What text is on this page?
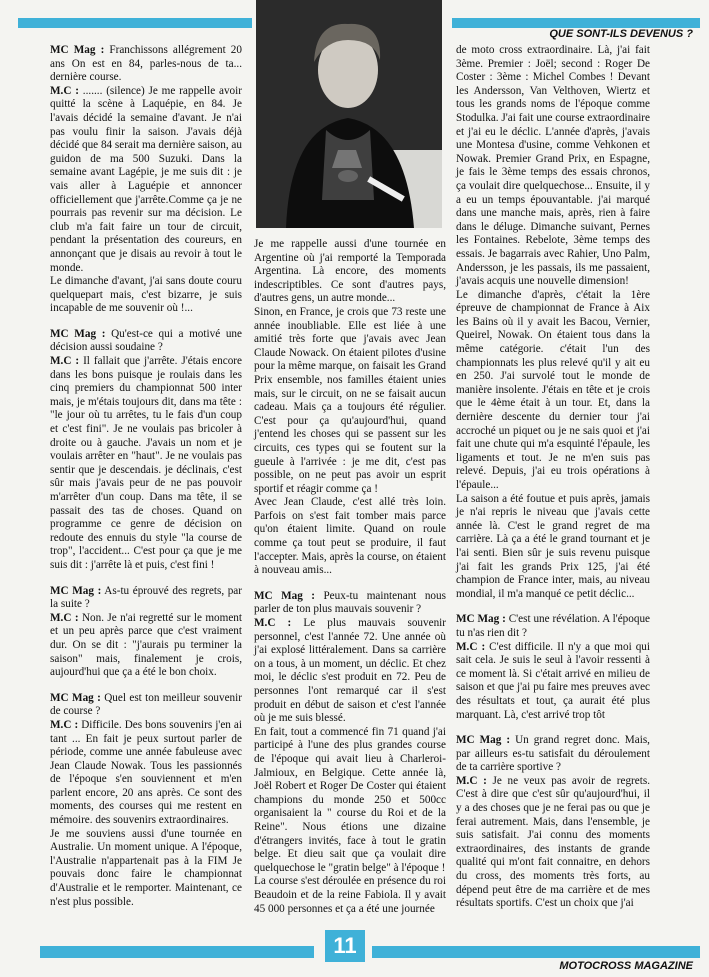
QUE SONT-ILS DEVENUS ?

MC Mag : Franchissons allégrement 20 ans On est en 84, parles-nous de ta... dernière course.

M.C : ....... (silence) Je me rappelle avoir quitté la scène à Laquépie, en 84. Je l'avais décidé la semaine d'avant. Je n'ai pas voulu finir la saison. J'avais déjà décidé que 84 serait ma dernière saison, au guidon de ma 500 Suzuki. Dans la semaine avant Lagépie, je me suis dit : je vais aller à Laguépie et annoncer officiellement que j'arrête.Comme ça je ne pourrais pas revenir sur ma décision. Le club m'a fait faire un tour de circuit, pendant la présentation des coureurs, en annonçant que je disais au revoir à tout le monde.

Le dimanche d'avant, j'ai sans doute couru quelquepart mais, c'est bizarre, je suis incapable de me souvenir où !...

MC Mag : Qu'est-ce qui a motivé une décision aussi soudaine ?

M.C : Il fallait que j'arrête. J'étais encore dans les bons puisque je roulais dans les cinq premiers du championnat 500 inter mais, je m'étais toujours dit, dans ma tête : "le jour où tu arrêtes, tu le fais d'un coup et c'est fini". Je ne voulais pas bricoler à droite ou à gauche. J'avais un nom et je voulais arrêter en "haut". Je ne voulais pas sentir que je descendais. je déclinais, c'est sûr mais j'avais peur de ne pas pouvoir m'arrêter d'un coup. Dans ma tête, il se passait des tas de choses. Quand on programme ce genre de décision on redoute des ennuis du style "la course de trop", l'accident... C'est pour ça que je me suis dit : j'arrête là et puis, c'est fini !

MC Mag : As-tu éprouvé des regrets, par la suite ?

M.C : Non. Je n'ai regretté sur le moment et un peu après parce que c'est vraiment dur. On se dit : "j'aurais pu terminer la saison" mais, finalement je crois, aujourd'hui que ça a été le bon choix.

MC Mag : Quel est ton meilleur souvenir de course ?

M.C : Difficile. Des bons souvenirs j'en ai tant ... En fait je peux surtout parler de période, comme une année fabuleuse avec Jean Claude Nowak. Tous les passionnés de l'époque s'en souviennent et m'en parlent encore, 20 ans après. Ce sont des moments, des courses qui me restent en mémoire. des souvenirs extraordinaires.

Je me souviens aussi d'une tournée en Australie. Un moment unique. A l'époque, l'Australie n'appartenait pas à la FIM Je pouvais donc faire le championnat d'Australie et le remporter. Maintenant, ce n'est plus possible.

Je me rappelle aussi d'une tournée en Argentine où j'ai remporté la Temporada Argentina. Là encore, des moments indescriptibles. Ce sont d'autres pays, d'autres gens, un autre monde...

Sinon, en France, je crois que 73 reste une année inoubliable. Elle est liée à une amitié très forte que j'avais avec Jean Claude Nowack. On étaient pilotes d'usine pour la même marque, on faisait les Grand Prix ensemble, nos familles étaient unies mais, sur le circuit, on ne se faisait aucun cadeau. Mais ça a toujours été régulier. C'est pour ça qu'aujourd'hui, quand j'entend les choses qui se passent sur les circuits, ces types qui se foutent sur la gueule à l'arrivée : je me dit, c'est pas possible, on ne peut pas avoir un esprit sportif et réagir comme ça !

Avec Jean Claude, c'est allé très loin. Parfois on s'est fait tomber mais parce qu'on étaient limite. Quand on roule comme ça tout peut se produire, il faut l'accepter. Mais, après la course, on étaient à nouveau amis...

MC Mag : Peux-tu maintenant nous parler de ton plus mauvais souvenir ?

M.C : Le plus mauvais souvenir personnel, c'est l'année 72. Une année où j'ai explosé littéralement. Dans sa carrière on a tous, à un moment, un déclic. Et chez moi, le déclic s'est produit en 72. Peu de personnes l'ont remarqué car il s'est produit en début de saison et c'est l'année où je me suis blessé.

En fait, tout a commencé fin 71 quand j'ai participé à l'une des plus grandes course de l'époque qui avait lieu à Charleroi-Jalmioux, en Belgique. Cette année là, Joël Robert et Roger De Coster qui étaient champions du monde 250 et 500cc organisaient la " course du Roi et de la Reine". Nous étions une dizaine d'étrangers invités, face à tout le gratin belge. Et dieu sait que ça voulait dire quelquechose le "gratin belge" à l'époque !

La course s'est déroulée en présence du roi Beaudoin et de la reine Fabiola. Il y avait 45 000 personnes et ça a été une journée

de moto cross extraordinaire. Là, j'ai fait 3ème. Premier : Joël; second : Roger De Coster : 3ème : Michel Combes ! Devant les Andersson, Van Velthoven, Wiertz et tous les grands noms de l'époque comme Stodulka. J'ai fait une course extraordinaire et j'ai eu le déclic. L'année d'après, j'avais une Montesa d'usine, comme Vehkonen et Nowak. Premier Grand Prix, en Espagne, je fais le 3ème temps des essais chronos, ça voulait dire quelquechose... Ensuite, il y a eu un temps épouvantable. j'ai marqué dans une manche mais, après, rien à faire dans le déluge. Dimanche suivant, Pernes les Fontaines. Rebelote, 3ème temps des essais. Je bagarrais avec Rahier, Uno Palm, Andersson, je les passais, ils me passaient, j'avais acquis une nouvelle dimension!

Le dimanche d'après, c'était la 1ère épreuve de championnat de France à Aix les Bains où il y avait les Bacou, Vernier, Queirel, Nowak. On étaient tous dans la même catégorie. c'était l'un des championnats les plus relevé qu'il y ait eu en 250. J'ai survolé tout le monde de manière insolente. J'étais en tête et je crois que le 4ème était à un tour. Et, dans la dernière descente du dernier tour j'ai accroché un piquet ou je ne sais quoi et j'ai fait une chute qui m'a esquinté l'épaule, les ligaments et tout. Je ne m'en suis pas relevé. Depuis, j'ai eu trois opérations à l'épaule...

La saison a été foutue et puis après, jamais je n'ai repris le niveau que j'avais cette année là. C'est le grand regret de ma carrière. Là ça a été le grand tournant et je l'ai senti. Bien sûr je suis revenu puisque j'ai fait les grands Prix 125, j'ai été champion de France inter, mais, au niveau mondial, il m'a manqué ce petit déclic...

MC Mag : C'est une révélation. A l'époque tu n'as rien dit ?

M.C : C'est difficile. Il n'y a que moi qui sait cela. Je suis le seul à l'avoir ressenti à ce moment là. Si c'était arrivé en milieu de saison et que j'ai pu faire mes preuves avec des résultats et tout, ça aurait été plus marquant. Là, c'est arrivé trop tôt

MC Mag : Un grand regret donc. Mais, par ailleurs es-tu satisfait du déroulement de ta carrière sportive ?

M.C : Je ne veux pas avoir de regrets. C'est à dire que c'est sûr qu'aujourd'hui, il y a des choses que je ne ferai pas ou que je ferai autrement. Mais, dans l'ensemble, je suis satisfait. J'ai connu des moments extraordinaires, des instants de grande qualité qui m'ont fait connaitre, en dehors du cross, des moments très forts, au dépend peut être de ma carrière et de mes résultats sportifs. C'est un choix que j'ai

11
MOTOCROSS MAGAZINE
